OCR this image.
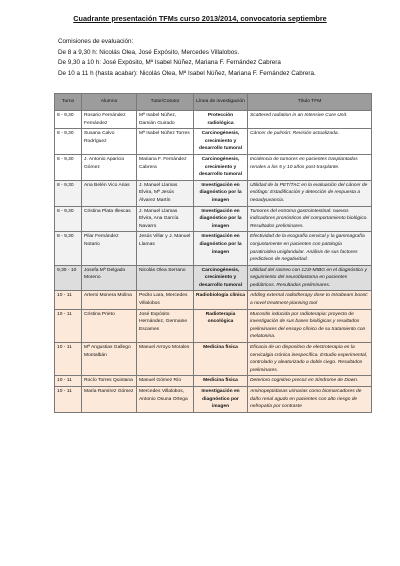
Cuadrante presentación TFMs curso 2013/2014, convocatoria septiembre
Comisiones de evaluación:
De 8 a 9,30 h: Nicolás Olea, José Expósito, Mercedes Villalobos.
De 9,30 a 10 h: José Expósito, Mª Isabel Núñez, Mariana F. Fernández Cabrera
De 10 a 11 h (hasta acabar): Nicolás Olea, Mª Isabel Núñez, Mariana F. Fernández Cabrera.
Turno	Alumno	Tutor/Cotutor	Línea de investigación	Título TFM
8 - 9,30	Rosario Fernández Fernández	Mª Isabel Núñez, Damián Guirado	Protección radiológica	Scattered radiation in an Intensive Care Unit.
8 - 9,30	Susana Calvo Rodríguez	Mª Isabel Núñez Torres	Carcinogénesis, crecimiento y desarrollo tumoral	Cáncer de pulmón: Revisión actualizada.
8 - 9,30	J. Antonio Aparicio Gómez	Mariana F. Fernández Cabrera	Carcinogénesis, crecimiento y desarrollo tumoral	Incidencia de tumores en pacientes trasplantados renales a los 5 y 10 años post-trasplante.
8 - 9,30	Ana Belén Vico Arias	J. Manuel Llamas Elvira, Mª Jesús Álvarez Martín	Investigación en diagnóstico por la imagen	Utilidad de la PET/TAC en la evaluación del cáncer de esófago: Estadificación y detección de respuesta a neoadyuvancia.
8 - 9,30	Cristina Plata Illescas	J. Manuel Llamas Elvira, Ana García Navarro	Investigación en diagnóstico por la imagen	Tumores del estroma gastrointestinal: nuevos indicadores pronósticos del comportamiento biológico. Resultados preliminares.
8 - 9,30	Pilar Fernández Notario	Jesús Villar y J. Manuel Llamas	Investigación en diagnóstico por la imagen	Efectividad de la ecografía cervical y la gammagrafía conjuntamente en pacientes con patología paratiroidea uniglandular. Análisis de sus factores predictivos de negatividad.
9,30 - 10	Josefa Mª Delgado Moreno	Nicolás Olea Serrano	Carcinogénesis, crecimiento y desarrollo tumoral	Utilidad del rastreo con 123I-MIBG en el diagnóstico y seguimiento del neuroblastoma en pacientes pediátricos. Resultados preliminares.
10 - 11	Artemi Monera Molina	Pedro Lara, Mercedes Villalobos	Radiobiología clínica	Adding external radiotherapy dose to Intrabeam boost: a novel treatment-planning tool
10 - 11	Cristina Prieto	José Expósito Hernández, Germaine Escames	Radioterapia oncológica	Mucositis inducida por radioterapia: proyecto de investigación de sus bases biológicas y resultados preliminares del ensayo clínico de su tratamiento con melatonina.
10 - 11	Mª Angustias Gallego Montalbán	Manuel Arroyo Morales	Medicina física	Eficacia de un dispositivo de electroterapia en la cervicalgia crónica inespecífica. Estudio experimental, controlado y aleatorizado a doble ciego. Resultados preliminares.
10 - 11	Rocío Torres Quintana	Manuel Gómez Río	Medicina física	Deterioro cognitivo precoz en Síndrome de Down.
10 - 11	María Ramírez Gómez	Mercedes Villalobos, Antonio Osuna Ortega	Investigación en diagnóstico por imagen	Aminopeptidasas urinarias como biomarcadores de daño renal agudo en pacientes con alto riesgo de nefropatía por contraste
